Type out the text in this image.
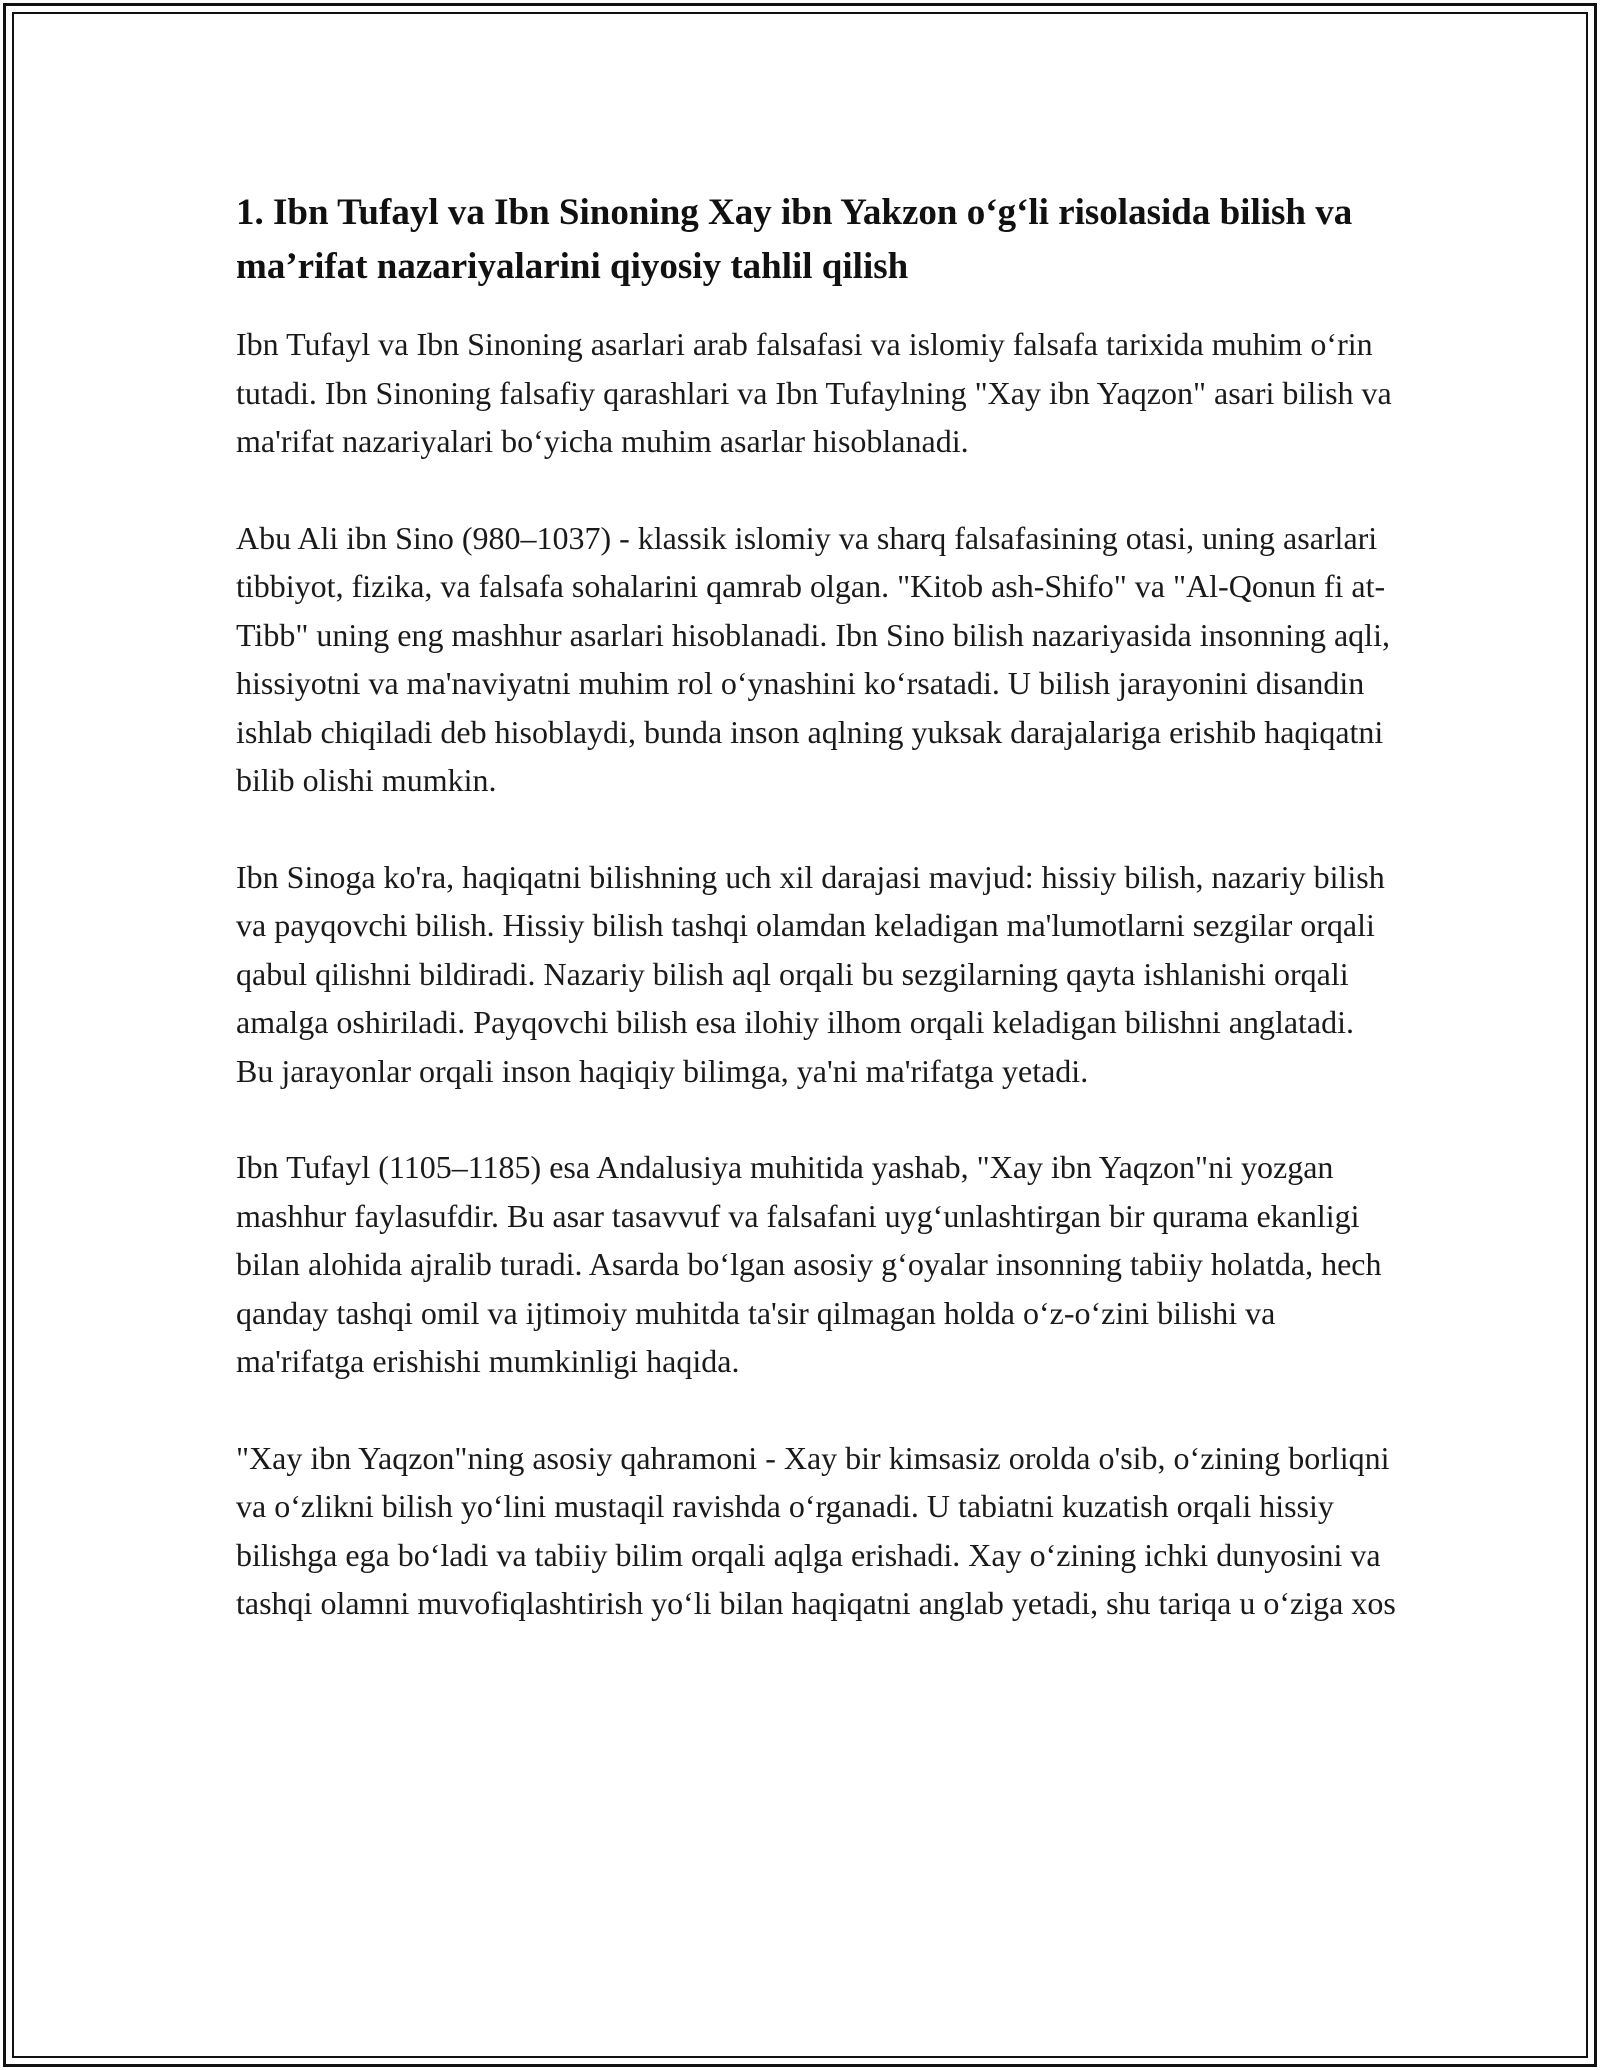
1. Ibn Tufayl va Ibn Sinoning Xay ibn Yakzon o‘g‘li risolasida bilish va ma’rifat nazariyalarini qiyosiy tahlil qilish

Ibn Tufayl va Ibn Sinoning asarlari arab falsafasi va islomiy falsafa tarixida muhim o‘rin tutadi. Ibn Sinoning falsafiy qarashlari va Ibn Tufaylning "Xay ibn Yaqzon" asari bilish va ma'rifat nazariyalari bo‘yicha muhim asarlar hisoblanadi.

Abu Ali ibn Sino (980–1037) - klassik islomiy va sharq falsafasining otasi, uning asarlari tibbiyot, fizika, va falsafa sohalarini qamrab olgan. "Kitob ash-Shifo" va "Al-Qonun fi at-Tibb" uning eng mashhur asarlari hisoblanadi. Ibn Sino bilish nazariyasida insonning aqli, hissiyotni va ma'naviyatni muhim rol o‘ynashini ko‘rsatadi. U bilish jarayonini disandin ishlab chiqiladi deb hisoblaydi, bunda inson aqlning yuksak darajalariga erishib haqiqatni bilib olishi mumkin.

Ibn Sinoga ko'ra, haqiqatni bilishning uch xil darajasi mavjud: hissiy bilish, nazariy bilish va payqovchi bilish. Hissiy bilish tashqi olamdan keladigan ma'lumotlarni sezgilar orqali qabul qilishni bildiradi. Nazariy bilish aql orqali bu sezgilarning qayta ishlanishi orqali amalga oshiriladi. Payqovchi bilish esa ilohiy ilhom orqali keladigan bilishni anglatadi. Bu jarayonlar orqali inson haqiqiy bilimga, ya'ni ma'rifatga yetadi.

Ibn Tufayl (1105–1185) esa Andalusiya muhitida yashab, "Xay ibn Yaqzon"ni yozgan mashhur faylasufdir. Bu asar tasavvuf va falsafani uyg‘unlashtirgan bir qurama ekanligi bilan alohida ajralib turadi. Asarda bo‘lgan asosiy g‘oyalar insonning tabiiy holatda, hech qanday tashqi omil va ijtimoiy muhitda ta'sir qilmagan holda o‘z-o‘zini bilishi va ma'rifatga erishishi mumkinligi haqida.

"Xay ibn Yaqzon"ning asosiy qahramoni - Xay bir kimsasiz orolda o'sib, o‘zining borliqni va o‘zlikni bilish yo‘lini mustaqil ravishda o‘rganadi. U tabiatni kuzatish orqali hissiy bilishga ega bo‘ladi va tabiiy bilim orqali aqlga erishadi. Xay o‘zining ichki dunyosini va tashqi olamni muvofiqlashtirish yo‘li bilan haqiqatni anglab yetadi, shu tariqa u o‘ziga xos
